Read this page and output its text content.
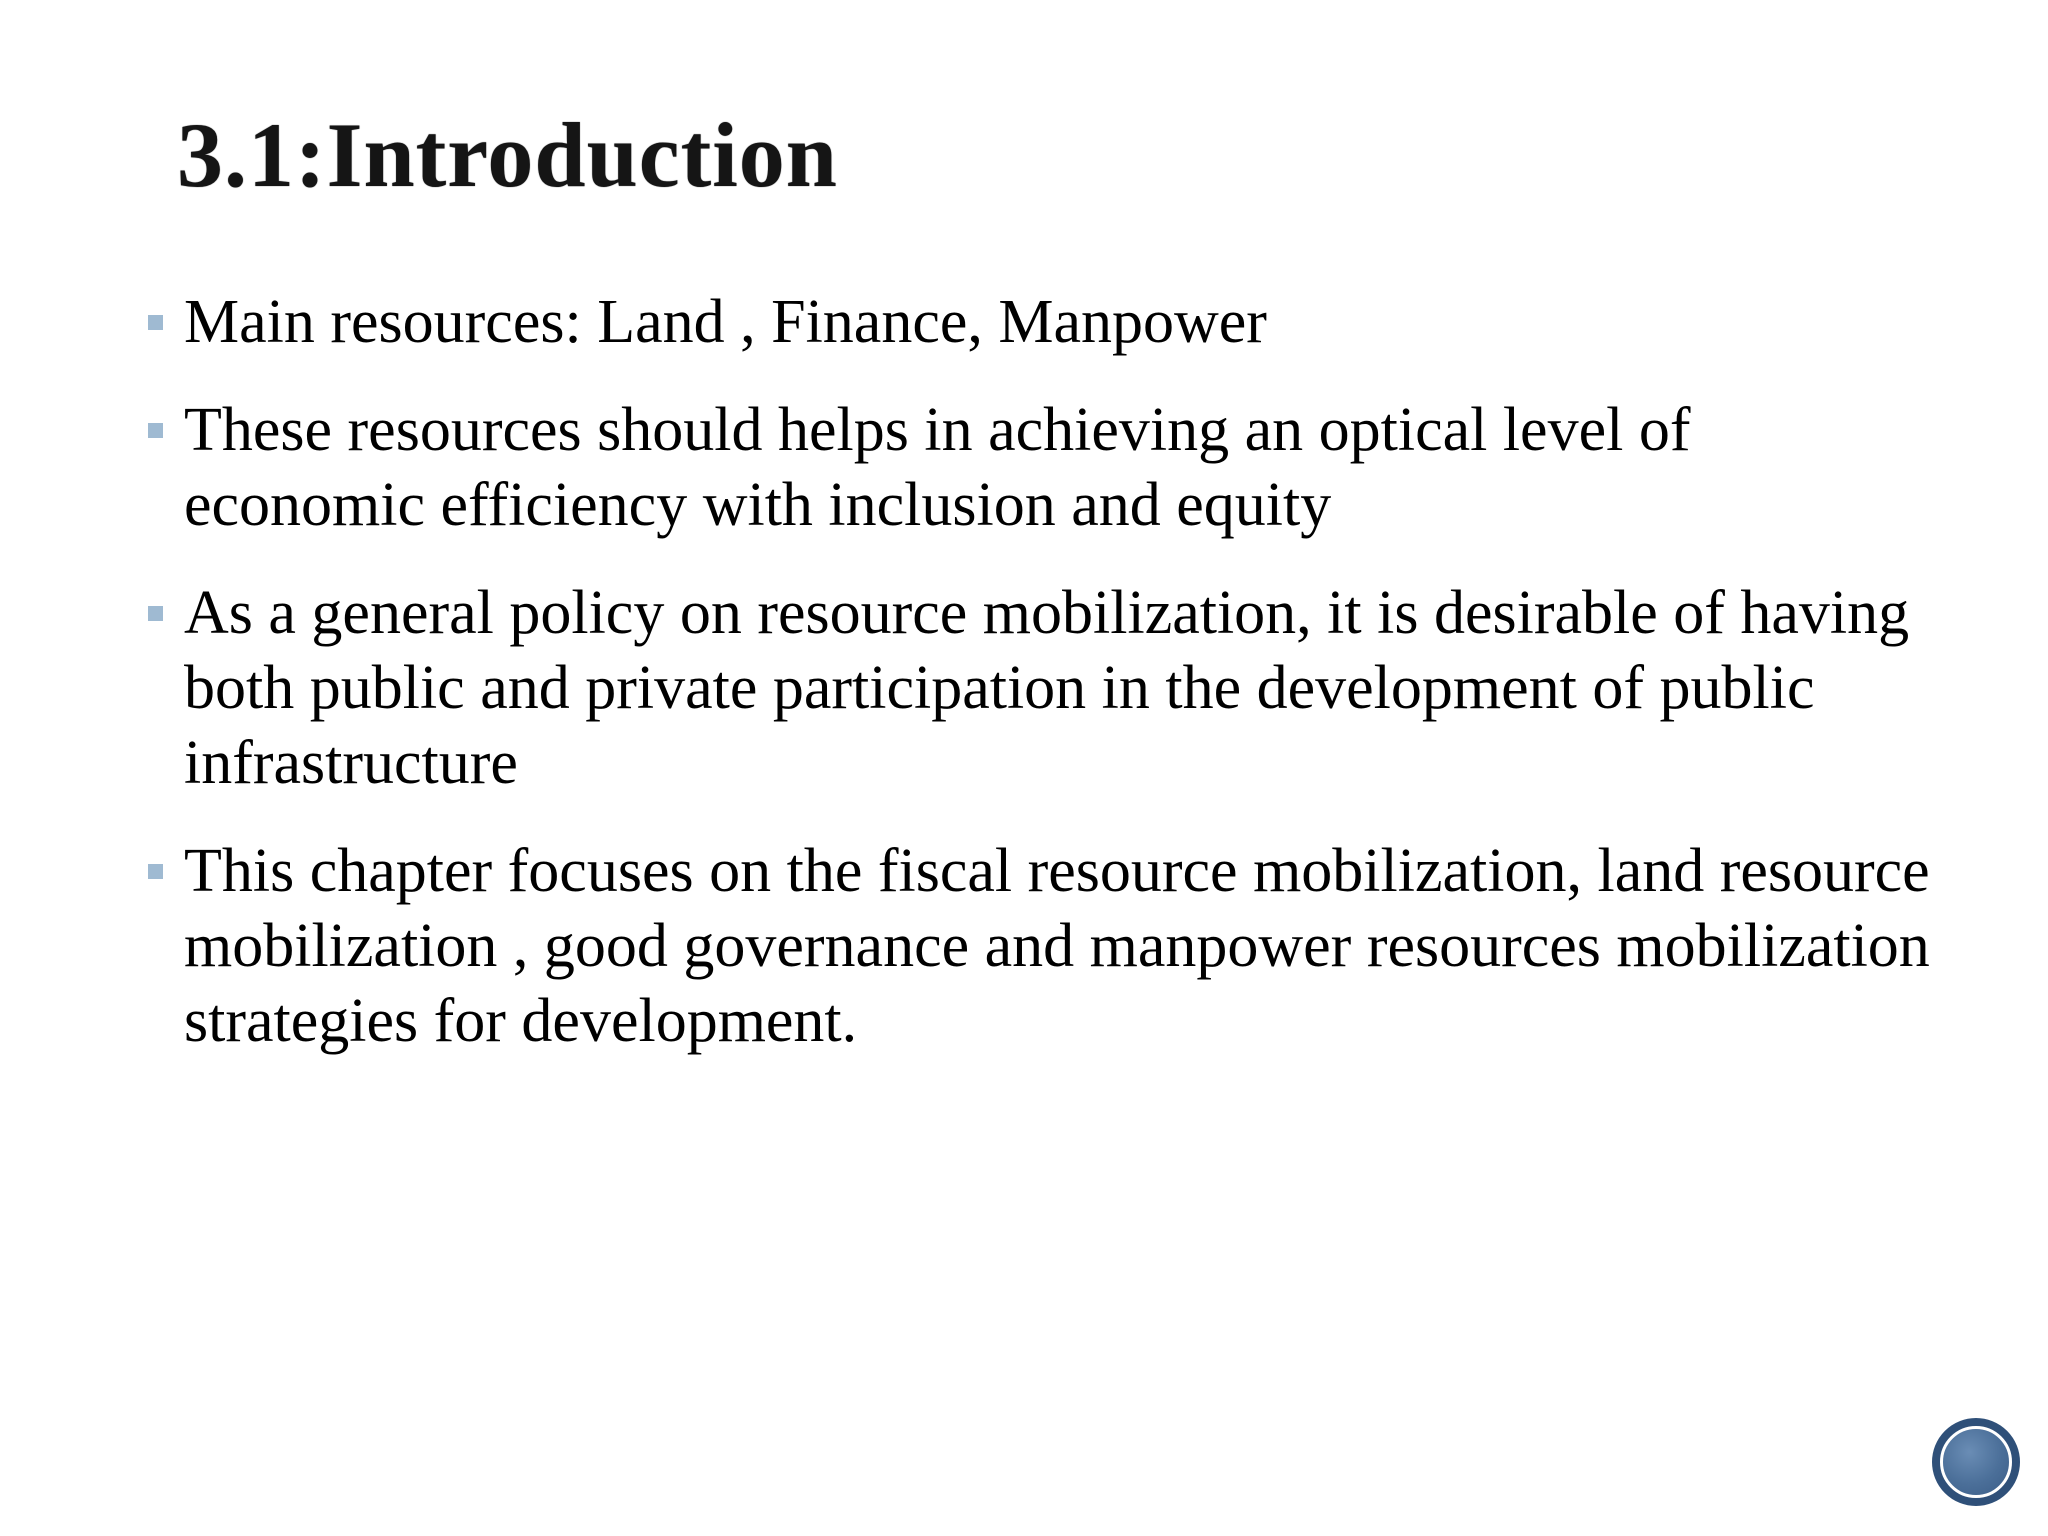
3.1:Introduction
Main resources: Land , Finance, Manpower
These resources should helps in achieving an optical level of economic efficiency with inclusion and equity
As a general policy on resource mobilization, it is desirable of having both public and private participation in the development of public infrastructure
This chapter focuses on the fiscal resource mobilization, land resource mobilization , good governance and manpower resources mobilization strategies for development.
